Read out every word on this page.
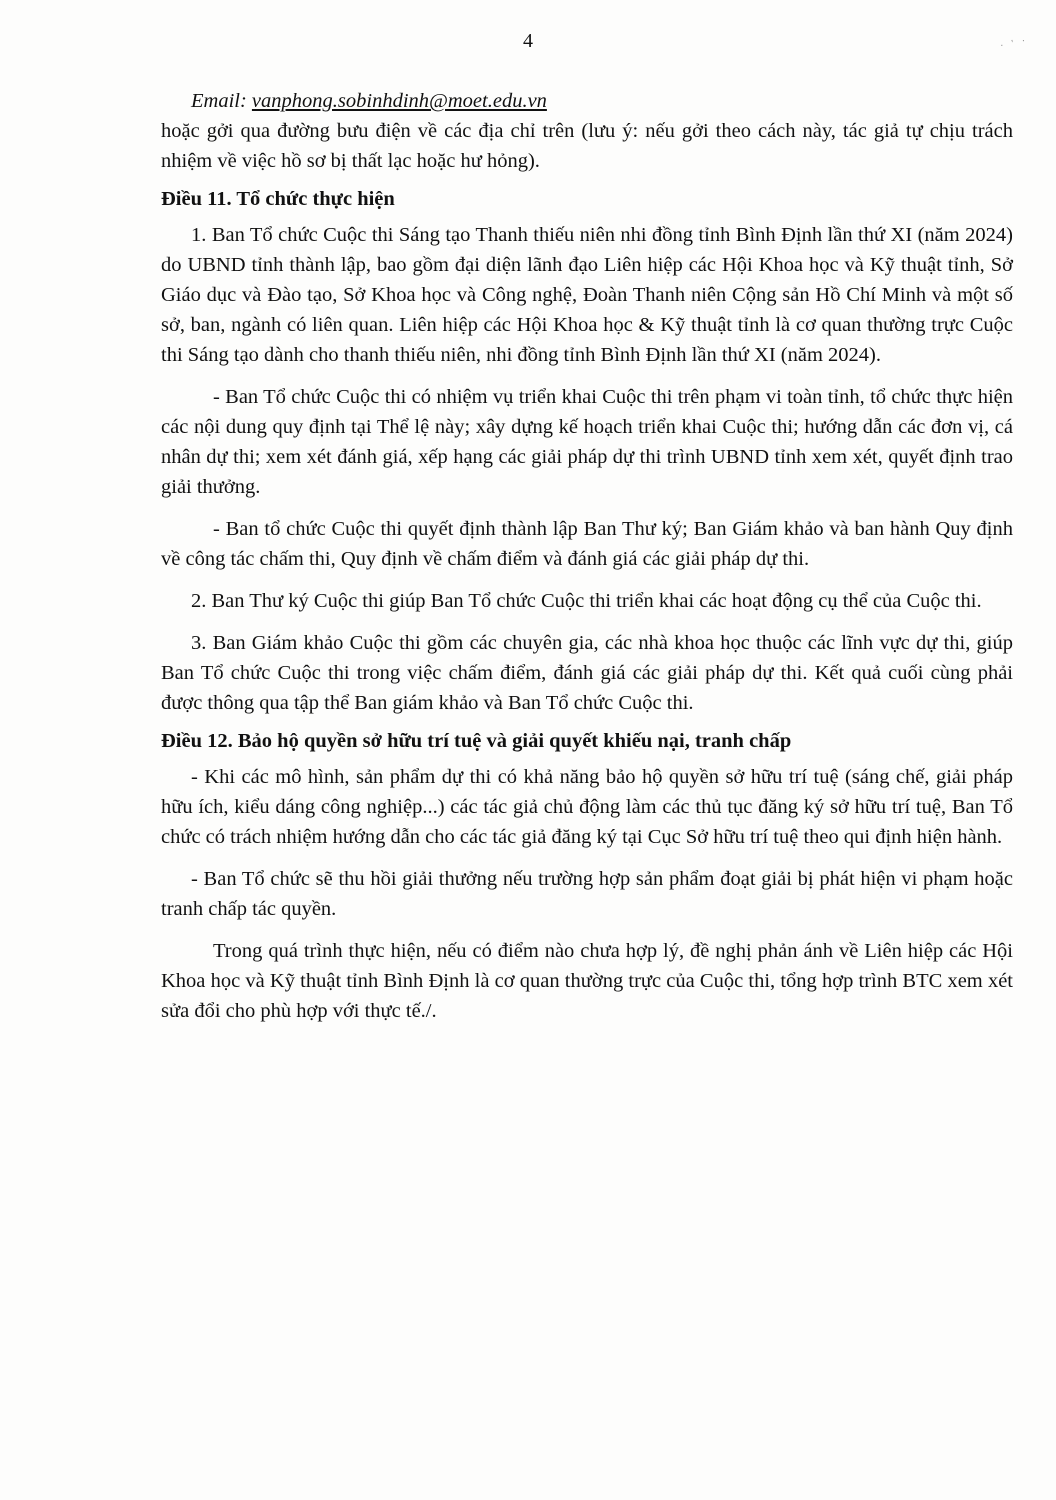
4	· ' ·

Email: vanphong.sobinhdinh@moet.edu.vn

hoặc gởi qua đường bưu điện về các địa chỉ trên (lưu ý: nếu gởi theo cách này, tác giả tự chịu trách nhiệm về việc hồ sơ bị thất lạc hoặc hư hỏng).

Điều 11. Tổ chức thực hiện

1. Ban Tổ chức Cuộc thi Sáng tạo Thanh thiếu niên nhi đồng tỉnh Bình Định lần thứ XI (năm 2024) do UBND tỉnh thành lập, bao gồm đại diện lãnh đạo Liên hiệp các Hội Khoa học và Kỹ thuật tỉnh, Sở Giáo dục và Đào tạo, Sở Khoa học và Công nghệ, Đoàn Thanh niên Cộng sản Hồ Chí Minh và một số sở, ban, ngành có liên quan. Liên hiệp các Hội Khoa học & Kỹ thuật tỉnh là cơ quan thường trực Cuộc thi Sáng tạo dành cho thanh thiếu niên, nhi đồng tỉnh Bình Định lần thứ XI (năm 2024).

- Ban Tổ chức Cuộc thi có nhiệm vụ triển khai Cuộc thi trên phạm vi toàn tỉnh, tổ chức thực hiện các nội dung quy định tại Thể lệ này; xây dựng kế hoạch triển khai Cuộc thi; hướng dẫn các đơn vị, cá nhân dự thi; xem xét đánh giá, xếp hạng các giải pháp dự thi trình UBND tỉnh xem xét, quyết định trao giải thưởng.

- Ban tổ chức Cuộc thi quyết định thành lập Ban Thư ký; Ban Giám khảo và ban hành Quy định về công tác chấm thi, Quy định về chấm điểm và đánh giá các giải pháp dự thi.

2. Ban Thư ký Cuộc thi giúp Ban Tổ chức Cuộc thi triển khai các hoạt động cụ thể của Cuộc thi.

3. Ban Giám khảo Cuộc thi gồm các chuyên gia, các nhà khoa học thuộc các lĩnh vực dự thi, giúp Ban Tổ chức Cuộc thi trong việc chấm điểm, đánh giá các giải pháp dự thi. Kết quả cuối cùng phải được thông qua tập thể Ban giám khảo và Ban Tổ chức Cuộc thi.

Điều 12. Bảo hộ quyền sở hữu trí tuệ và giải quyết khiếu nại, tranh chấp

- Khi các mô hình, sản phẩm dự thi có khả năng bảo hộ quyền sở hữu trí tuệ (sáng chế, giải pháp hữu ích, kiểu dáng công nghiệp...) các tác giả chủ động làm các thủ tục đăng ký sở hữu trí tuệ, Ban Tổ chức có trách nhiệm hướng dẫn cho các tác giả đăng ký tại Cục Sở hữu trí tuệ theo qui định hiện hành.

- Ban Tổ chức sẽ thu hồi giải thưởng nếu trường hợp sản phẩm đoạt giải bị phát hiện vi phạm hoặc tranh chấp tác quyền.

Trong quá trình thực hiện, nếu có điểm nào chưa hợp lý, đề nghị phản ánh về Liên hiệp các Hội Khoa học và Kỹ thuật tỉnh Bình Định là cơ quan thường trực của Cuộc thi, tổng hợp trình BTC xem xét sửa đổi cho phù hợp với thực tế./.
